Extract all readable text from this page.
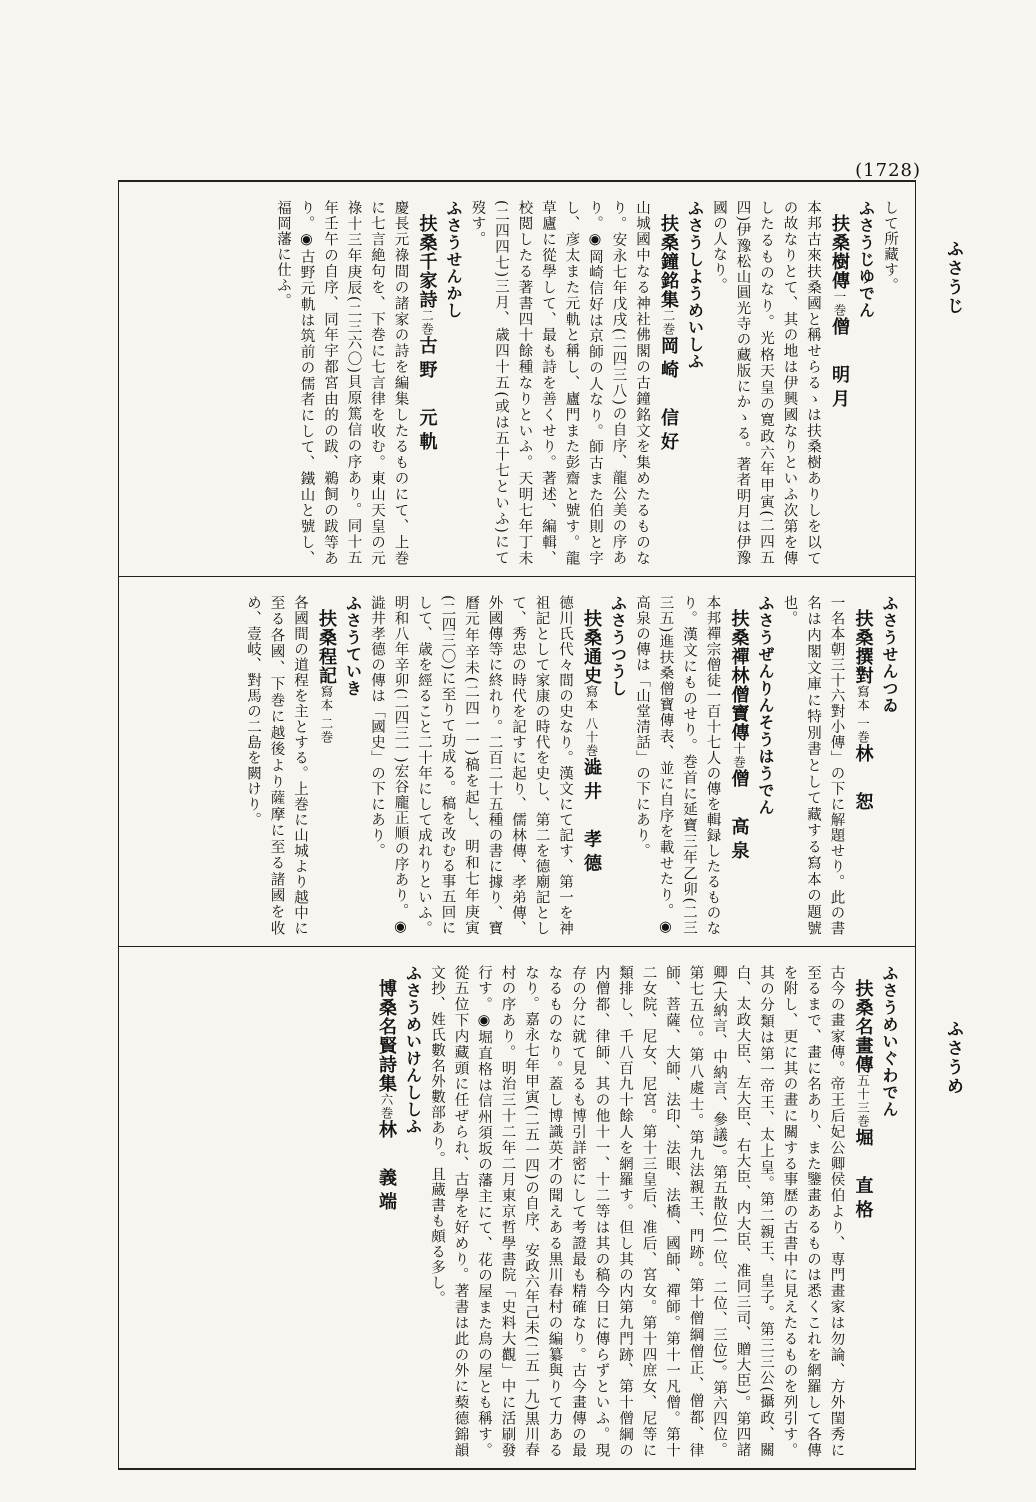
(1728)
ふさうじ
ふさうめ
して所藏す。
ふさうじゆでん
扶桑樹傳一巻僧　明月
本邦古來扶桑國と稱せらるゝは扶桑樹ありしを以ての故なりとて、其の地は伊興國なりといふ次第を傳したるものなり。光格天皇の寛政六年甲寅(二四五四)伊豫松山圓光寺の藏版にかゝる。著者明月は伊豫國の人なり。
ふさうしようめいしふ
扶桑鐘銘集二巻岡崎　信好
山城國中なる神社佛閣の古鐘銘文を集めたるものなり。安永七年戊戌(二四三八)の自序、龍公美の序あり。◉岡崎信好は京師の人なり。師古また伯則と字し、彦太また元軌と稱し、廬門また彭齋と號す。龍草廬に從學して、最も詩を善くせり。著述、編輯、校閲したる著書四十餘種なりといふ。天明七年丁未(二四四七)三月、歳四十五(或は五十七といふ)にて歿す。
ふさうせんかし
扶桑千家詩二巻古野　元軌
慶長元祿間の諸家の詩を編集したるものにて、上巻に七言絶句を、下巻に七言律を收む。東山天皇の元祿十三年庚辰(二三六〇)貝原篤信の序あり。同十五年壬午の自序、同年宇都宮由的の跋、鵜飼の跋等あり。◉古野元軌は筑前の儒者にして、鐵山と號し、福岡藩に仕ふ。
ふさうせんつゐ
扶桑撰對寫本 一巻林　恕
一名本朝三十六對小傳」の下に解題せり。此の書名は内閣文庫に特別書として藏する寫本の題號也。
ふさうぜんりんそうはうでん
扶桑禪林僧寶傳十巻僧　高泉
本邦禪宗僧徒一百十七人の傳を輯録したるものなり。漢文にものせり。巻首に延寶三年乙卯(二三三五)進扶桑僧寶傳表、並に自序を載せたり。◉高泉の傳は「山堂清話」の下にあり。
ふさうつうし
扶桑通史寫本 八十巻澁井　孝德
德川氏代々間の史なり。漢文にて記す、第一を神祖記として家康の時代を史し、第二を德廟記として、秀忠の時代を記すに起り、儒林傳、孝弟傳、外國傳等に終れり。二百二十五種の書に據り、寶曆元年辛未(二四一一)稿を起し、明和七年庚寅(二四三〇)に至りて功成る。稿を改むる事五回にして、歳を經ること二十年にして成れりといふ。明和八年辛卯(二四三一)宏谷龐正順の序あり。◉澁井孝德の傳は「國史」の下にあり。
ふさうていき
扶桑程記寫本 二巻
各國間の道程を主とする。上巻に山城より越中に至る各國、下巻に越後より薩摩に至る諸國を收め、壹岐、對馬の二島を闕けり。
ふさうめいぐわでん
扶桑名畫傳五十三巻堀　直格
古今の畫家傳。帝王后妃公卿侯伯より、専門畫家は勿論、方外閨秀に至るまで、畫に名あり、また鑒畫あるものは悉くこれを網羅して各傳を附し、更に其の畫に關する事歴の古書中に見えたるものを列引す。其の分類は第一帝王、太上皇。第二親王、皇子。第三三公(攝政、關白、太政大臣、左大臣、右大臣、内大臣、准同三司、贈大臣)。第四諸卿(大納言、中納言、參議)。第五散位(一位、二位、三位)。第六四位。第七五位。第八處士。第九法親王、門跡。第十僧綱僧正、僧都、律師、菩薩、大師、法印、法眼、法橋、國師、禪師。第十一凡僧。第十二女院、尼女、尼宮。第十三皇后、准后、宮女。第十四庶女、尼等に類排し、千八百九十餘人を網羅す。但し其の内第九門跡、第十僧綱の内僧都、律師、其の他十一、十二等は其の稿今日に傳らずといふ。現存の分に就て見るも博引詳密にして考證最も精確なり。古今畫傳の最なるものなり。蓋し博識英才の聞えある黒川春村の編纂與りて力あるなり。嘉永七年甲寅(二五一四)の自序、安政六年己未(二五一九)黒川春村の序あり。明治三十二年二月東京哲學書院「史料大觀」中に活刷發行す。◉堀直格は信州須坂の藩主にて、花の屋また鳥の屋とも稱す。從五位下内藏頭に任ぜられ、古學を好めり。著書は此の外に蔾德錦韻文抄、姓氏數名外數部あり。且蔵書も頗る多し。
ふさうめいけんししふ
博桑名賢詩集六巻林　義端
